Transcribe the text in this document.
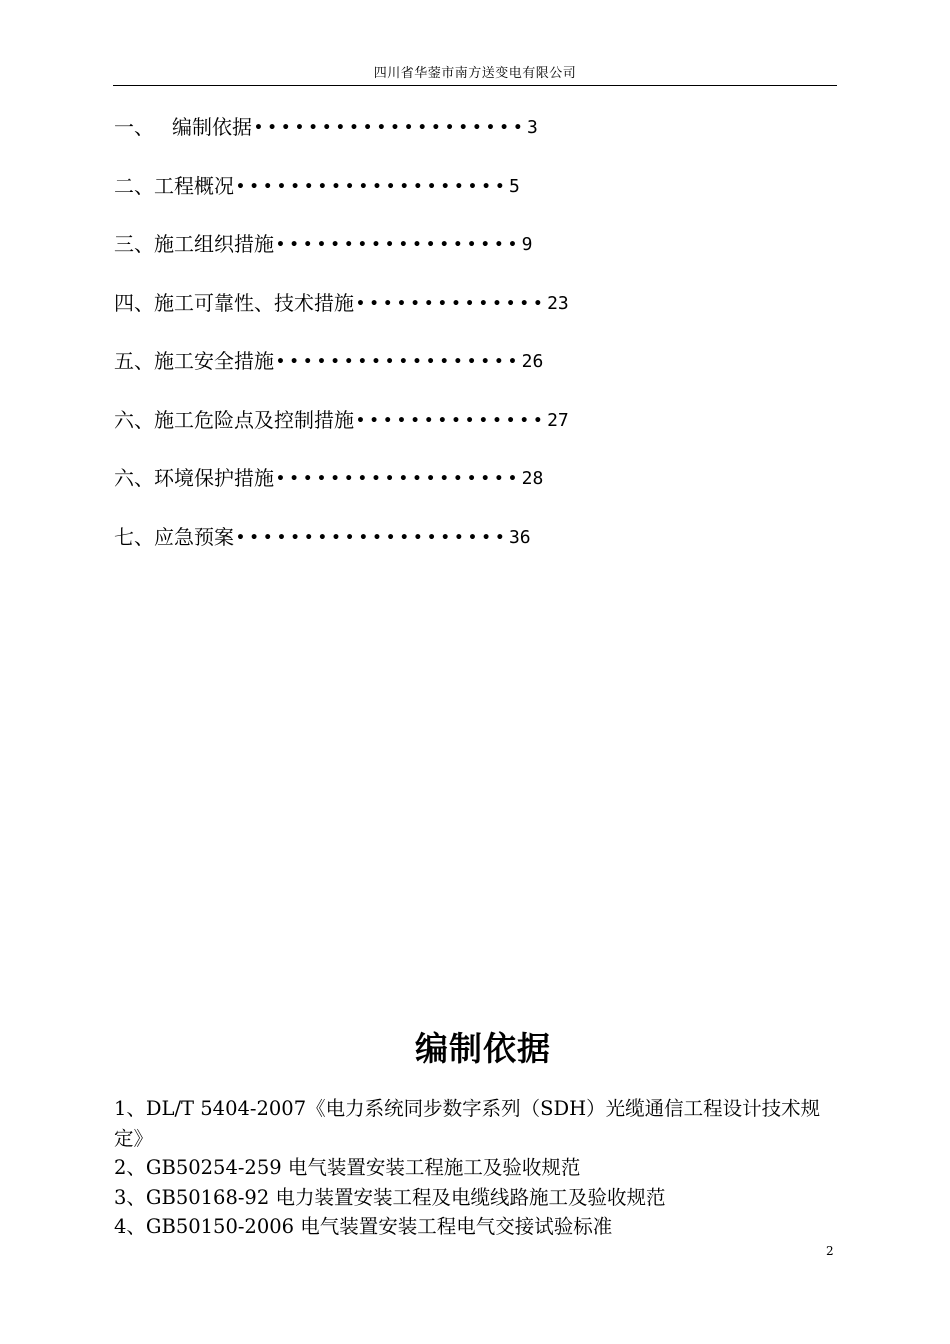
四川省华蓥市南方送变电有限公司
一、 编制依据 •••••••••••••••••••• 3
二、工程概况 •••••••••••••••••••• 5
三、施工组织措施 •••••••••••••••••• 9
四、施工可靠性、技术措施 •••••••••••••• 23
五、施工安全措施 •••••••••••••••••• 26
六、施工危险点及控制措施 •••••••••••••• 27
六、环境保护措施 •••••••••••••••••• 28
七、应急预案 •••••••••••••••••••• 36
编制依据
1、DL/T 5404-2007《电力系统同步数字系列（SDH）光缆通信工程设计技术规定》
2、GB50254-259 电气装置安装工程施工及验收规范
3、GB50168-92 电力装置安装工程及电缆线路施工及验收规范
4、GB50150-2006 电气装置安装工程电气交接试验标准
2
